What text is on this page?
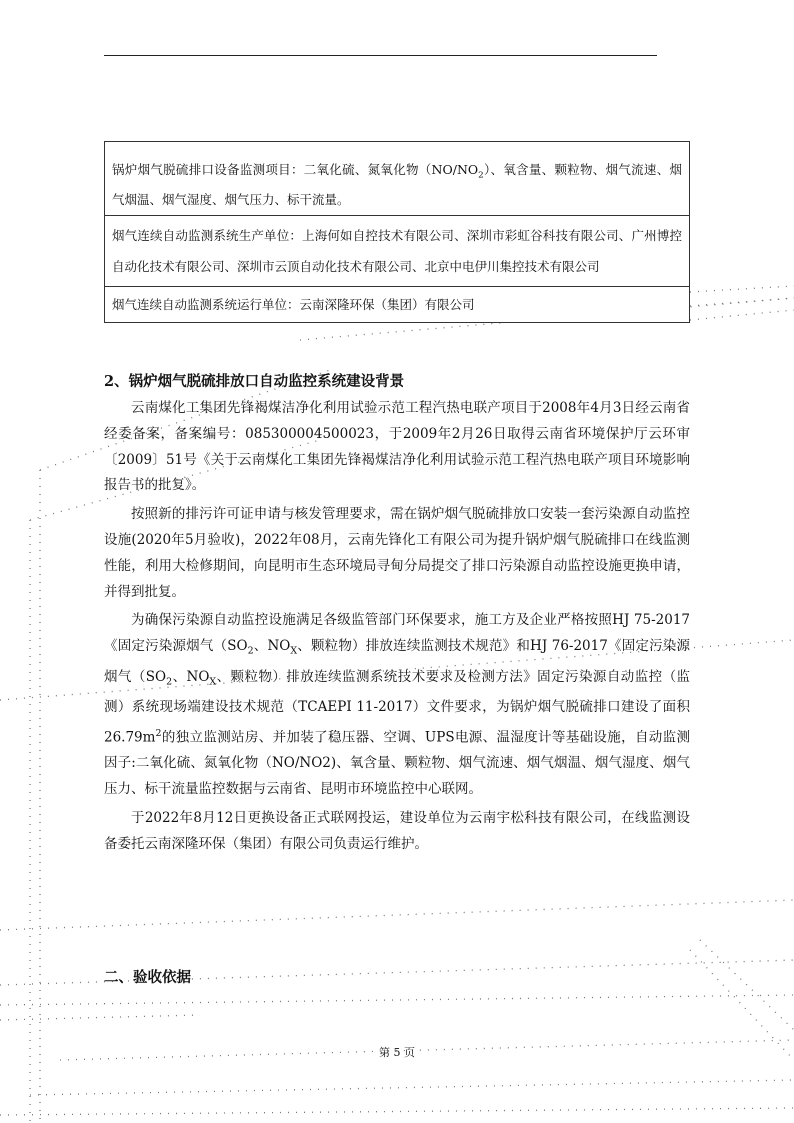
锅炉烟气脱硫排口设备监测项目：二氧化硫、氮氧化物$(NO/NO_2)$、氧含量、颗粒物、烟气流速、烟气烟温、烟气湿度、烟气压力、标干流量。
烟气连续自动监测系统生产单位：上海何如自控技术有限公司、深圳市彩虹谷科技有限公司、广州博控自动化技术有限公司、深圳市云顶自动化技术有限公司、北京中电伊川集控技术有限公司
烟气连续自动监测系统运行单位：云南深隆环保（集团）有限公司
2、锅炉烟气脱硫排放口自动监控系统建设背景

云南煤化工集团先锋褐煤洁净化利用试验示范工程汽热电联产项目于2008年4月3日经云南省经委备案，备案编号：085300004500023，于2009年2月26日取得云南省环境保护厅云环审〔2009〕51号《关于云南煤化工集团先锋褐煤洁净化利用试验示范工程汽热电联产项目环境影响报告书的批复》。

按照新的排污许可证申请与核发管理要求，需在锅炉烟气脱硫排放口安装一套污染源自动监控设施(2020年5月验收)，2022年08月，云南先锋化工有限公司为提升锅炉烟气脱硫排口在线监测性能，利用大检修期间，向昆明市生态环境局寻甸分局提交了排口污染源自动监控设施更换申请，并得到批复。

为确保污染源自动监控设施满足各级监管部门环保要求，施工方及企业严格按照HJ 75-2017《固定污染源烟气（$SO_2$、$NO_X$、颗粒物）排放连续监测技术规范》和HJ 76-2017《固定污染源烟气（$SO_2$、$NO_X$、颗粒物）排放连续监测系统技术要求及检测方法》固定污染源自动监控（监测）系统现场端建设技术规范（TCAEPI 11-2017）文件要求，为锅炉烟气脱硫排口建设了面积$26.79m^2$的独立监测站房、并加装了稳压器、空调、UPS电源、温湿度计等基础设施，自动监测因子:二氧化硫、氮氧化物（NO/NO2)、氧含量、颗粒物、烟气流速、烟气烟温、烟气湿度、烟气压力、标干流量监控数据与云南省、昆明市环境监控中心联网。

于2022年8月12日更换设备正式联网投运，建设单位为云南宇松科技有限公司，在线监测设备委托云南深隆环保（集团）有限公司负责运行维护。

二、验收依据
第 5 页
